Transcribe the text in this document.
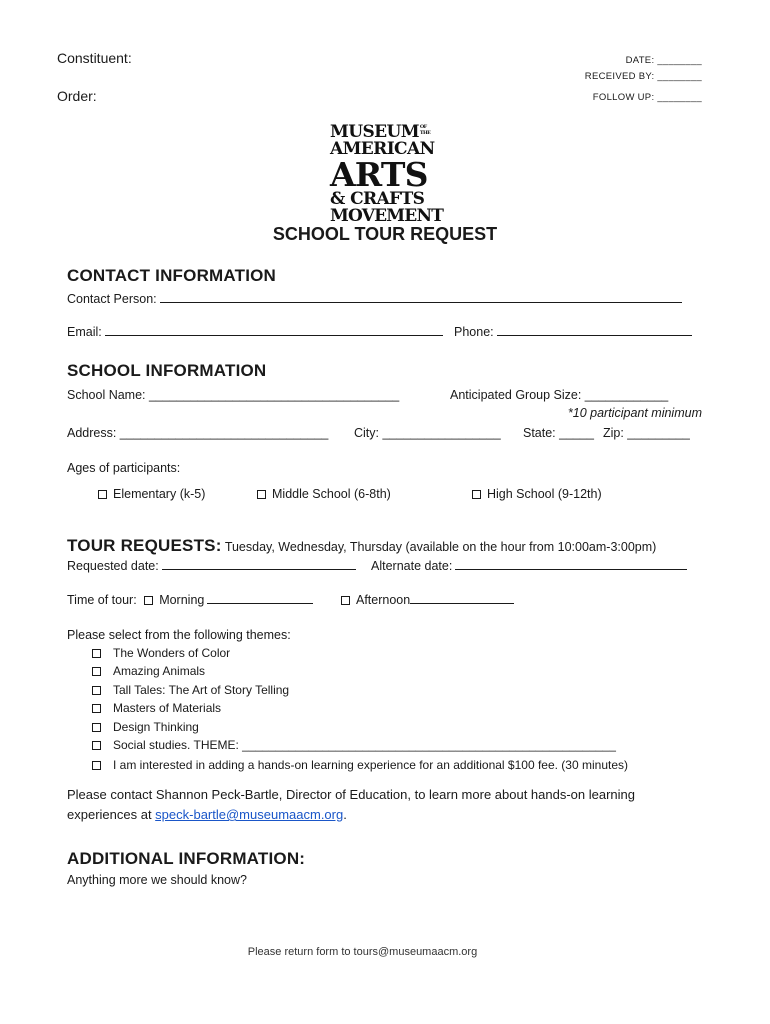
Constituent:
Order:
DATE: ________
RECEIVED BY: ________
FOLLOW UP: ________
MUSEUMOF
THE
AMERICAN
ARTS
& CRAFTS
MOVEMENT
SCHOOL TOUR REQUEST
CONTACT INFORMATION
Contact Person:
Email:	Phone:
SCHOOL INFORMATION
School Name: ____________________________________	Anticipated Group Size: ____________
*10 participant minimum
Address: ______________________________ City: _________________ State: _____ Zip: _________
Ages of participants:
Elementary (k-5)	Middle School (6-8th)	High School (9-12th)
TOUR REQUESTS: Tuesday, Wednesday, Thursday (available on the hour from 10:00am-3:00pm)
Requested date:	Alternate date:
Time of tour: Morning	Afternoon
Please select from the following themes:
The Wonders of Color
Amazing Animals
Tall Tales: The Art of Story Telling
Masters of Materials
Design Thinking
Social studies. THEME: ________________________________________________________
I am interested in adding a hands-on learning experience for an additional $100 fee. (30 minutes)
Please contact Shannon Peck-Bartle, Director of Education, to learn more about hands-on learning
experiences at speck-bartle@museumaacm.org.
ADDITIONAL INFORMATION:
Anything more we should know?
Please return form to tours@museumaacm.org
